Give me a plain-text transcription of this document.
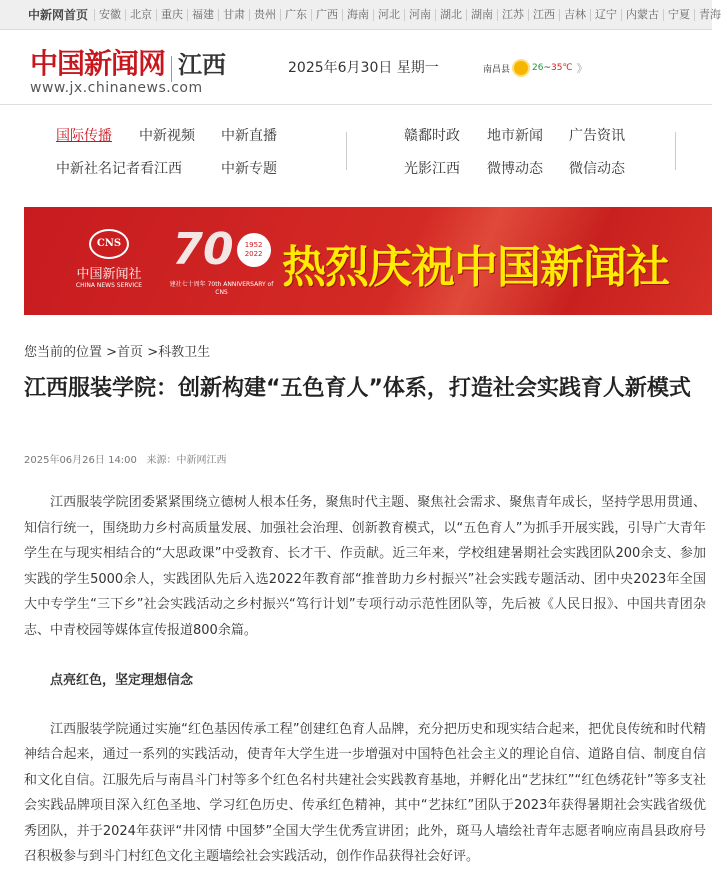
中新网首页	安徽 北京 重庆 福建 甘肃 贵州 广东 广西 海南 河北 河南 湖北 湖南 江苏 江西 吉林 辽宁 内蒙古 宁夏 青海
中国新闻网 江西
www.jx.chinanews.com
2025年6月30日 星期一	南昌县 26~35℃ 》
国际传播 中新视频 中新直播
中新社名记者看江西	中新专题
赣鄱时政 地市新闻 广告资讯
光影江西 微博动态 微信动态
CNS
中国新闻社
CHINA NEWS SERVICE
70	1952 2022
建社七十周年 70th ANNIVERSARY of CNS	热烈庆祝中国新闻社
您当前的位置 >首页 >科教卫生
江西服装学院：创新构建“五色育人”体系，打造社会实践育人新模式
2025年06月26日 14:00 来源：中新网江西

江西服装学院团委紧紧围绕立德树人根本任务，聚焦时代主题、聚焦社会需求、聚焦青年成长，坚持学思用贯通、知信行统一，围绕助力乡村高质量发展、加强社会治理、创新教育模式，以“五色育人”为抓手开展实践，引导广大青年学生在与现实相结合的“大思政课”中受教育、长才干、作贡献。近三年来，学校组建暑期社会实践团队200余支、参加实践的学生5000余人，实践团队先后入选2022年教育部“推普助力乡村振兴”社会实践专题活动、团中央2023年全国大中专学生“三下乡”社会实践活动之乡村振兴“笃行计划”专项行动示范性团队等，先后被《人民日报》、中国共青团杂志、中青校园等媒体宣传报道800余篇。

点亮红色，坚定理想信念

江西服装学院通过实施“红色基因传承工程”创建红色育人品牌，充分把历史和现实结合起来，把优良传统和时代精神结合起来，通过一系列的实践活动，使青年大学生进一步增强对中国特色社会主义的理论自信、道路自信、制度自信和文化自信。江服先后与南昌斗门村等多个红色名村共建社会实践教育基地，并孵化出“艺抹红”“红色绣花针”等多支社会实践品牌项目深入红色圣地、学习红色历史、传承红色精神，其中“艺抹红”团队于2023年获得暑期社会实践省级优秀团队，并于2024年获评“井冈情 中国梦”全国大学生优秀宣讲团；此外，斑马人墙绘社青年志愿者响应南昌县政府号召积极参与到斗门村红色文化主题墙绘社会实践活动，创作作品获得社会好评。
